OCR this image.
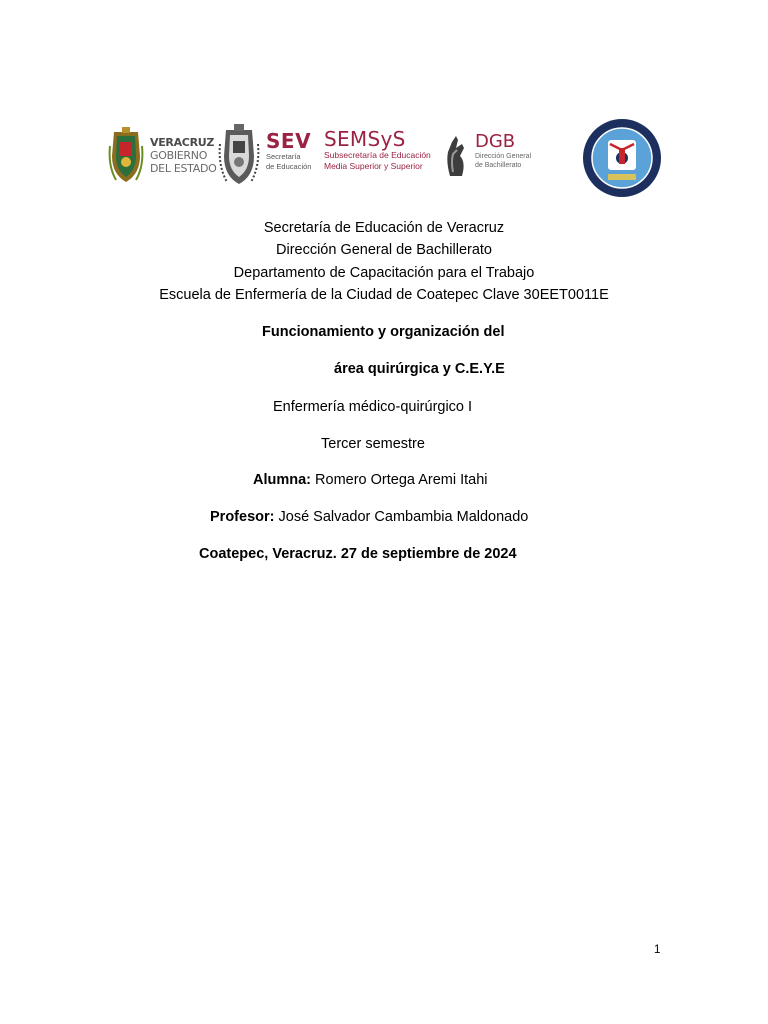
VERACRUZ
GOBIERNO
DEL ESTADO
SEV
Secretaría
de Educación
SEMSyS
Subsecretaría de Educación
Media Superior y Superior
DGB
Dirección General
de Bachillerato
Secretaría de Educación de Veracruz
Dirección General de Bachillerato
Departamento de Capacitación para el Trabajo
Escuela de Enfermería de la Ciudad de Coatepec Clave 30EET0011E
Funcionamiento y organización del
área quirúrgica y C.E.Y.E
Enfermería médico-quirúrgico I
Tercer semestre
Alumna: Romero Ortega Aremi Itahi
Profesor: José Salvador Cambambia Maldonado
Coatepec, Veracruz. 27 de septiembre de 2024
1
